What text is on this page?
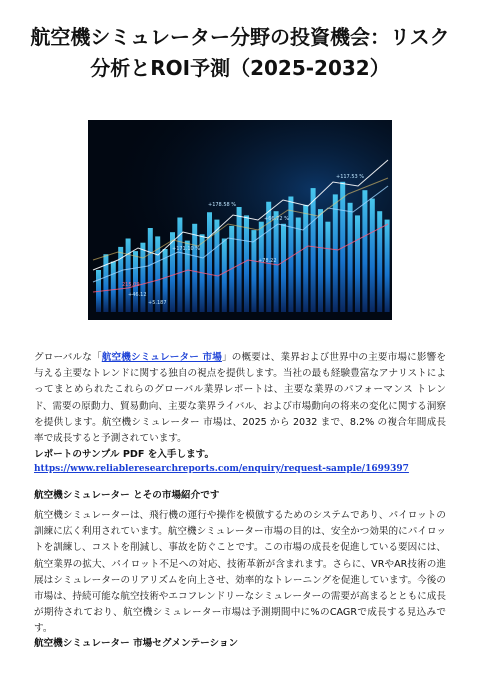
航空機シミュレーター分野の投資機会：リスク分析とROI予測（2025-2032）
+117.53 %
+178.58 %
+66.72 %
+171.10 %
+78.22
+46.12
215.09
+5.187

グローバルな「航空機シミュレーター 市場」の概要は、業界および世界中の主要市場に影響を与える主要なトレンドに関する独自の視点を提供します。当社の最も経験豊富なアナリストによってまとめられたこれらのグローバル業界レポートは、主要な業界のパフォーマンス トレンド、需要の原動力、貿易動向、主要な業界ライバル、および市場動向の将来の変化に関する洞察を提供します。航空機シミュレーター 市場は、2025 から 2032 まで、8.2% の複合年間成長率で成長すると予測されています。

レポートのサンプル PDF を入手します。
https://www.reliableresearchreports.com/enquiry/request-sample/1699397
航空機シミュレーター とその市場紹介です

航空機シミュレーターは、飛行機の運行や操作を模倣するためのシステムであり、パイロットの訓練に広く利用されています。航空機シミュレーター市場の目的は、安全かつ効果的にパイロットを訓練し、コストを削減し、事故を防ぐことです。この市場の成長を促進している要因には、航空業界の拡大、パイロット不足への対応、技術革新が含まれます。さらに、VRやAR技術の進展はシミュレーターのリアリズムを向上させ、効率的なトレーニングを促進しています。今後の市場は、持続可能な航空技術やエコフレンドリーなシミュレーターの需要が高まるとともに成長が期待されており、航空機シミュレーター市場は予測期間中に%のCAGRで成長する見込みです。

航空機シミュレーター 市場セグメンテーション
